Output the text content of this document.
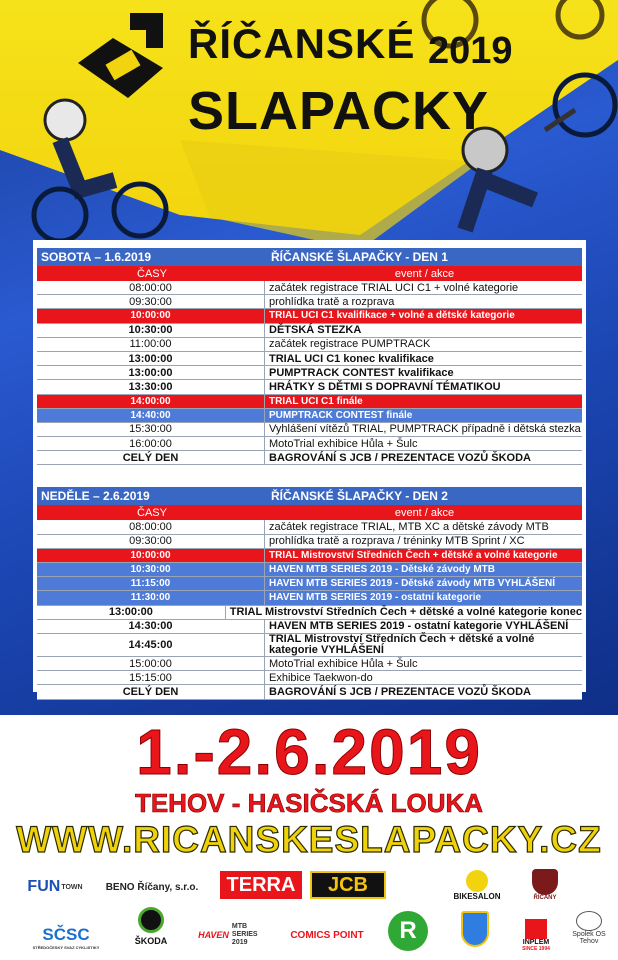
ŘÍČANSKÉ 2019
SLAPACKY
SOBOTA – 1.6.2019	ŘÍČANSKÉ ŠLAPAČKY - DEN 1
ČASY	event / akce
08:00:00	začátek registrace TRIAL UCI C1 + volné kategorie
09:30:00	prohlídka tratě a rozprava
10:00:00	TRIAL UCI C1 kvalifikace + volné a dětské kategorie
10:30:00	DĚTSKÁ STEZKA
11:00:00	začátek registrace PUMPTRACK
13:00:00	TRIAL UCI C1 konec kvalifikace
13:00:00	PUMPTRACK CONTEST kvalifikace
13:30:00	HRÁTKY S DĚTMI S DOPRAVNÍ TÉMATIKOU
14:00:00	TRIAL UCI C1 finále
14:40:00	PUMPTRACK CONTEST finále
15:30:00	Vyhlášení vítězů TRIAL, PUMPTRACK případně i dětská stezka
16:00:00	MotoTrial exhibice Hůla + Šulc
CELÝ DEN	BAGROVÁNÍ S JCB / PREZENTACE VOZŮ ŠKODA
NEDĚLE – 2.6.2019	ŘÍČANSKÉ ŠLAPAČKY - DEN 2
ČASY	event / akce
08:00:00	začátek registrace TRIAL, MTB XC a dětské závody MTB
09:30:00	prohlídka tratě a rozprava / tréninky MTB Sprint / XC
10:00:00	TRIAL Mistrovství Středních Čech + dětské a volné kategorie
10:30:00	HAVEN MTB SERIES 2019 - Dětské závody MTB
11:15:00	HAVEN MTB SERIES 2019 - Dětské závody MTB VYHLÁŠENÍ
11:30:00	HAVEN MTB SERIES 2019 - ostatní kategorie
13:00:00	TRIAL Mistrovství Středních Čech + dětské a volné kategorie konec
14:30:00	HAVEN MTB SERIES 2019 - ostatní kategorie VYHLÁŠENÍ
14:45:00	TRIAL Mistrovství Středních Čech + dětské a volné kategorie VYHLÁŠENÍ
15:00:00	MotoTrial exhibice Hůla + Šulc
15:15:00	Exhibice Taekwon-do
CELÝ DEN	BAGROVÁNÍ S JCB / PREZENTACE VOZŮ ŠKODA
1.-2.6.2019
TEHOV - HASIČSKÁ LOUKA
WWW.RICANSKESLAPACKY.CZ
FUN TOWN	BENO Říčany, s.r.o.	TERRA	JCB
BIKESALON	ŘÍČANY
SČSC
STŘEDOČESKÝ SVAZ CYKLISTIKY
ŠKODA
HAVEN
MTB SERIES 2019
COMICS POINT	R	INPLEM
SINCE 1994
Spolek OS Tehov
